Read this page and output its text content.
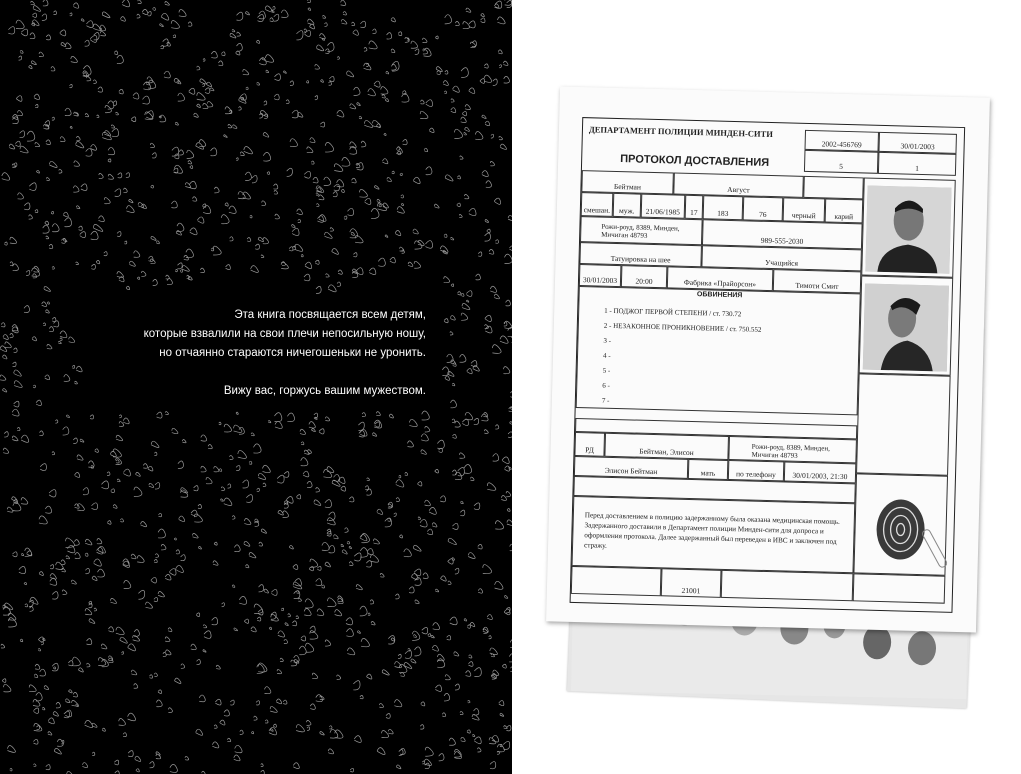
Эта книга посвящается всем детям,
которые взвалили на свои плечи непосильную ношу,
но отчаянно стараются ничегошеньки не уронить.
Вижу вас, горжусь вашим мужеством.
ДЕПАРТАМЕНТ ПОЛИЦИИ МИНДЕН-СИТИ
ПРОТОКОЛ ДОСТАВЛЕНИЯ
2002-456769	30/01/2003
5	1
Бейтман	Август
смешан.	муж.	21/06/1985	17	183	76	черный	карий
Рожи-роуд, 8389, Минден,
Мичиган 48793
989-555-2030
Татуировка на шее	Учащийся
30/01/2003	20:00	Фабрика «Прайорсон»	Тимоти Смит
ОБВИНЕНИЯ
1 - ПОДЖОГ ПЕРВОЙ СТЕПЕНИ / ст. 730.72
2 - НЕЗАКОННОЕ ПРОНИКНОВЕНИЕ / ст. 750.552
3 -
4 -
5 -
6 -
7 -
РД	Бейтман, Элисон	Рожи-роуд, 8389, Минден,
Мичиган 48793
Элисон Бейтман	мать	по телефону	30/01/2003, 21:30
Перед доставлением в полицию задержанному была оказана медицинская помощь. Задержанного доставили в Департамент полиции Минден-сити для допроса и оформления протокола. Далее задержанный был переведен в ИВС и заключен под стражу.
21001
